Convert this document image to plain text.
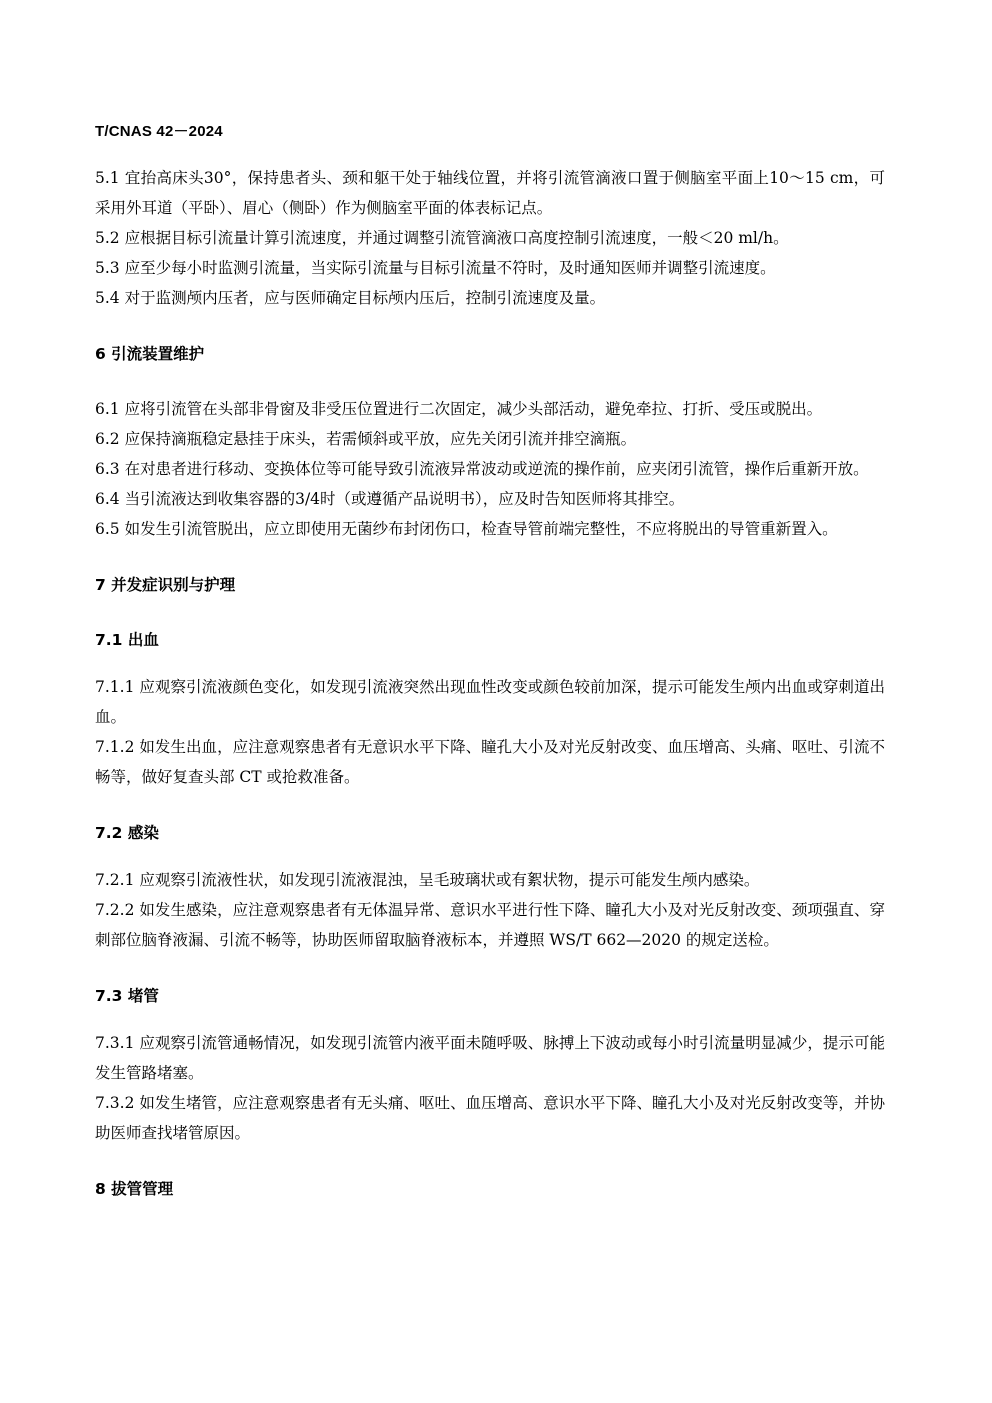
T/CNAS 42－2024

5.1 宜抬高床头30°，保持患者头、颈和躯干处于轴线位置，并将引流管滴液口置于侧脑室平面上10～15 cm，可采用外耳道（平卧）、眉心（侧卧）作为侧脑室平面的体表标记点。

5.2 应根据目标引流量计算引流速度，并通过调整引流管滴液口高度控制引流速度，一般＜20 ml/h。

5.3 应至少每小时监测引流量，当实际引流量与目标引流量不符时，及时通知医师并调整引流速度。

5.4 对于监测颅内压者，应与医师确定目标颅内压后，控制引流速度及量。

6 引流装置维护

6.1 应将引流管在头部非骨窗及非受压位置进行二次固定，减少头部活动，避免牵拉、打折、受压或脱出。

6.2 应保持滴瓶稳定悬挂于床头，若需倾斜或平放，应先关闭引流并排空滴瓶。

6.3 在对患者进行移动、变换体位等可能导致引流液异常波动或逆流的操作前，应夹闭引流管，操作后重新开放。

6.4 当引流液达到收集容器的3/4时（或遵循产品说明书），应及时告知医师将其排空。

6.5 如发生引流管脱出，应立即使用无菌纱布封闭伤口，检查导管前端完整性，不应将脱出的导管重新置入。

7 并发症识别与护理

7.1 出血

7.1.1 应观察引流液颜色变化，如发现引流液突然出现血性改变或颜色较前加深，提示可能发生颅内出血或穿刺道出血。

7.1.2 如发生出血，应注意观察患者有无意识水平下降、瞳孔大小及对光反射改变、血压增高、头痛、呕吐、引流不畅等，做好复查头部 CT 或抢救准备。

7.2 感染

7.2.1 应观察引流液性状，如发现引流液混浊，呈毛玻璃状或有絮状物，提示可能发生颅内感染。

7.2.2 如发生感染，应注意观察患者有无体温异常、意识水平进行性下降、瞳孔大小及对光反射改变、颈项强直、穿刺部位脑脊液漏、引流不畅等，协助医师留取脑脊液标本，并遵照 WS/T 662—2020 的规定送检。

7.3 堵管

7.3.1 应观察引流管通畅情况，如发现引流管内液平面未随呼吸、脉搏上下波动或每小时引流量明显减少，提示可能发生管路堵塞。

7.3.2 如发生堵管，应注意观察患者有无头痛、呕吐、血压增高、意识水平下降、瞳孔大小及对光反射改变等，并协助医师查找堵管原因。

8 拔管管理
